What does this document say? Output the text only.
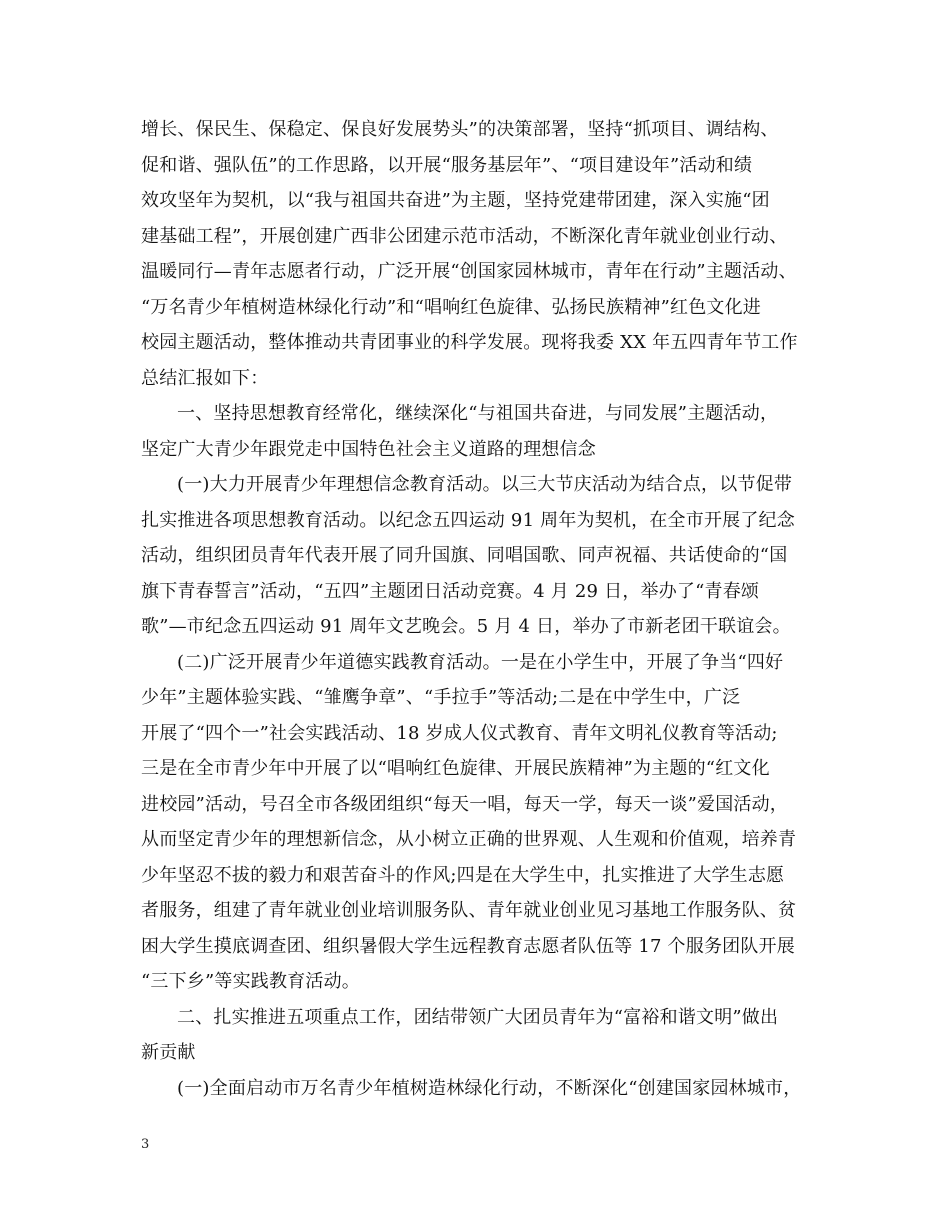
增长、保民生、保稳定、保良好发展势头”的决策部署，坚持“抓项目、调结构、
促和谐、强队伍”的工作思路，以开展“服务基层年”、“项目建设年”活动和绩
效攻坚年为契机，以“我与祖国共奋进”为主题，坚持党建带团建，深入实施“团
建基础工程”，开展创建广西非公团建示范市活动，不断深化青年就业创业行动、
温暖同行—青年志愿者行动，广泛开展“创国家园林城市，青年在行动”主题活动、
“万名青少年植树造林绿化行动”和“唱响红色旋律、弘扬民族精神”红色文化进
校园主题活动，整体推动共青团事业的科学发展。现将我委 XX 年五四青年节工作
总结汇报如下：
一、坚持思想教育经常化，继续深化“与祖国共奋进，与同发展”主题活动，
坚定广大青少年跟党走中国特色社会主义道路的理想信念
(一)大力开展青少年理想信念教育活动。以三大节庆活动为结合点，以节促带
扎实推进各项思想教育活动。以纪念五四运动 91 周年为契机，在全市开展了纪念
活动，组织团员青年代表开展了同升国旗、同唱国歌、同声祝福、共话使命的“国
旗下青春誓言”活动，“五四”主题团日活动竞赛。4 月 29 日，举办了“青春颂
歌”—市纪念五四运动 91 周年文艺晚会。5 月 4 日，举办了市新老团干联谊会。
(二)广泛开展青少年道德实践教育活动。一是在小学生中，开展了争当“四好
少年”主题体验实践、“雏鹰争章”、“手拉手”等活动;二是在中学生中，广泛
开展了“四个一”社会实践活动、18 岁成人仪式教育、青年文明礼仪教育等活动;
三是在全市青少年中开展了以“唱响红色旋律、开展民族精神”为主题的“红文化
进校园”活动，号召全市各级团组织“每天一唱，每天一学，每天一谈”爱国活动，
从而坚定青少年的理想新信念，从小树立正确的世界观、人生观和价值观，培养青
少年坚忍不拔的毅力和艰苦奋斗的作风;四是在大学生中，扎实推进了大学生志愿
者服务，组建了青年就业创业培训服务队、青年就业创业见习基地工作服务队、贫
困大学生摸底调查团、组织暑假大学生远程教育志愿者队伍等 17 个服务团队开展
“三下乡”等实践教育活动。
二、扎实推进五项重点工作，团结带领广大团员青年为“富裕和谐文明”做出
新贡献
(一)全面启动市万名青少年植树造林绿化行动，不断深化“创建国家园林城市，
3
